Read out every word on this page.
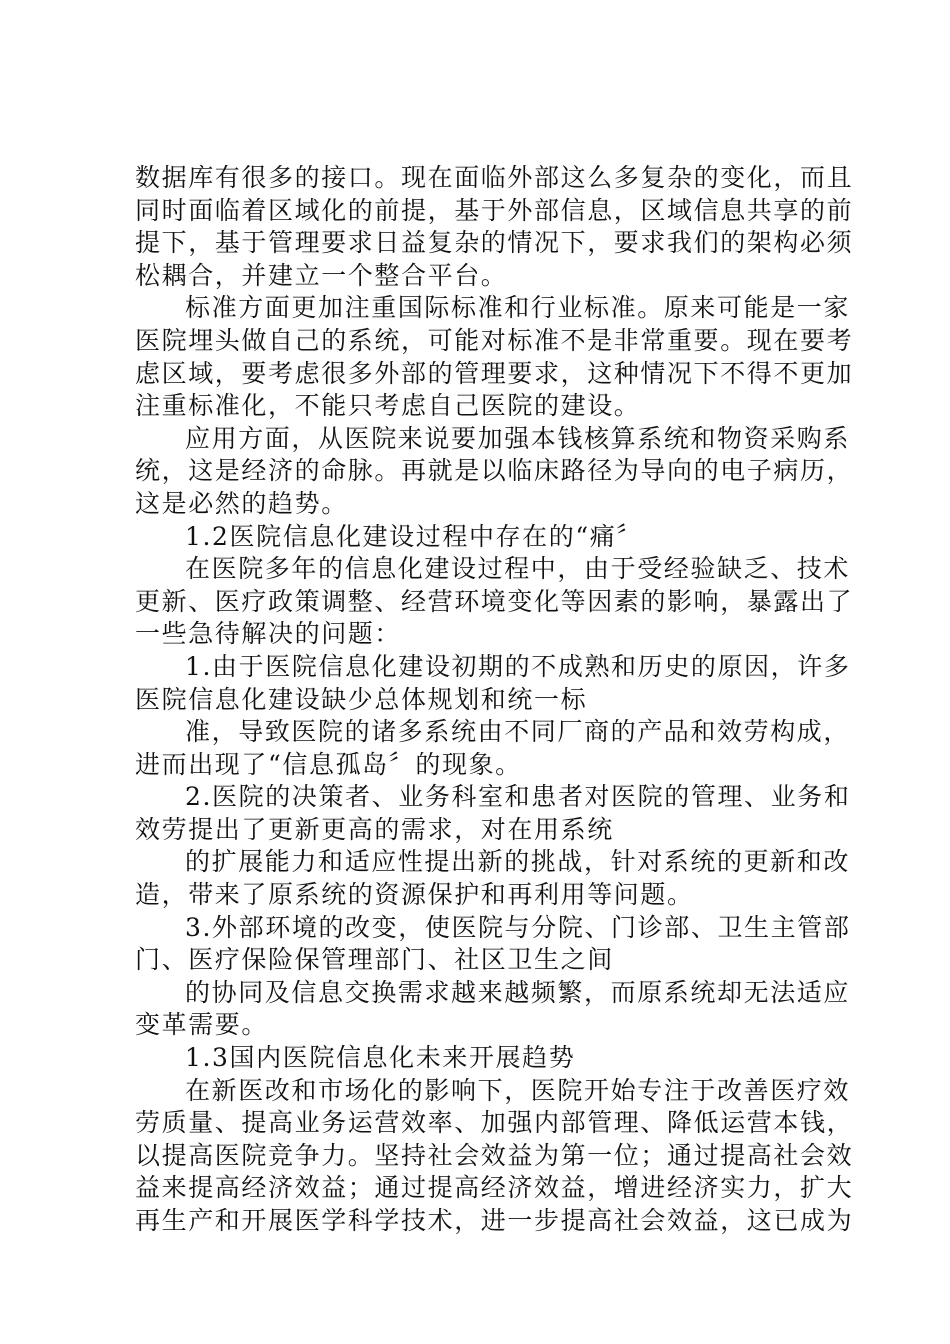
数据库有很多的接口。现在面临外部这么多复杂的变化，而且
同时面临着区域化的前提，基于外部信息，区域信息共享的前
提下，基于管理要求日益复杂的情况下，要求我们的架构必须
松耦合，并建立一个整合平台。
标准方面更加注重国际标准和行业标准。原来可能是一家
医院埋头做自己的系统，可能对标准不是非常重要。现在要考
虑区域，要考虑很多外部的管理要求，这种情况下不得不更加
注重标准化，不能只考虑自己医院的建设。
应用方面，从医院来说要加强本钱核算系统和物资采购系
统，这是经济的命脉。再就是以临床路径为导向的电子病历，
这是必然的趋势。
1.2医院信息化建设过程中存在的“痛〞
在医院多年的信息化建设过程中，由于受经验缺乏、技术
更新、医疗政策调整、经营环境变化等因素的影响，暴露出了
一些急待解决的问题：
1.由于医院信息化建设初期的不成熟和历史的原因，许多
医院信息化建设缺少总体规划和统一标
准，导致医院的诸多系统由不同厂商的产品和效劳构成，
进而出现了“信息孤岛〞的现象。
2.医院的决策者、业务科室和患者对医院的管理、业务和
效劳提出了更新更高的需求，对在用系统
的扩展能力和适应性提出新的挑战，针对系统的更新和改
造，带来了原系统的资源保护和再利用等问题。
3.外部环境的改变，使医院与分院、门诊部、卫生主管部
门、医疗保险保管理部门、社区卫生之间
的协同及信息交换需求越来越频繁，而原系统却无法适应
变革需要。
1.3国内医院信息化未来开展趋势
在新医改和市场化的影响下，医院开始专注于改善医疗效
劳质量、提高业务运营效率、加强内部管理、降低运营本钱，
以提高医院竞争力。坚持社会效益为第一位；通过提高社会效
益来提高经济效益；通过提高经济效益，增进经济实力，扩大
再生产和开展医学科学技术，进一步提高社会效益，这已成为
